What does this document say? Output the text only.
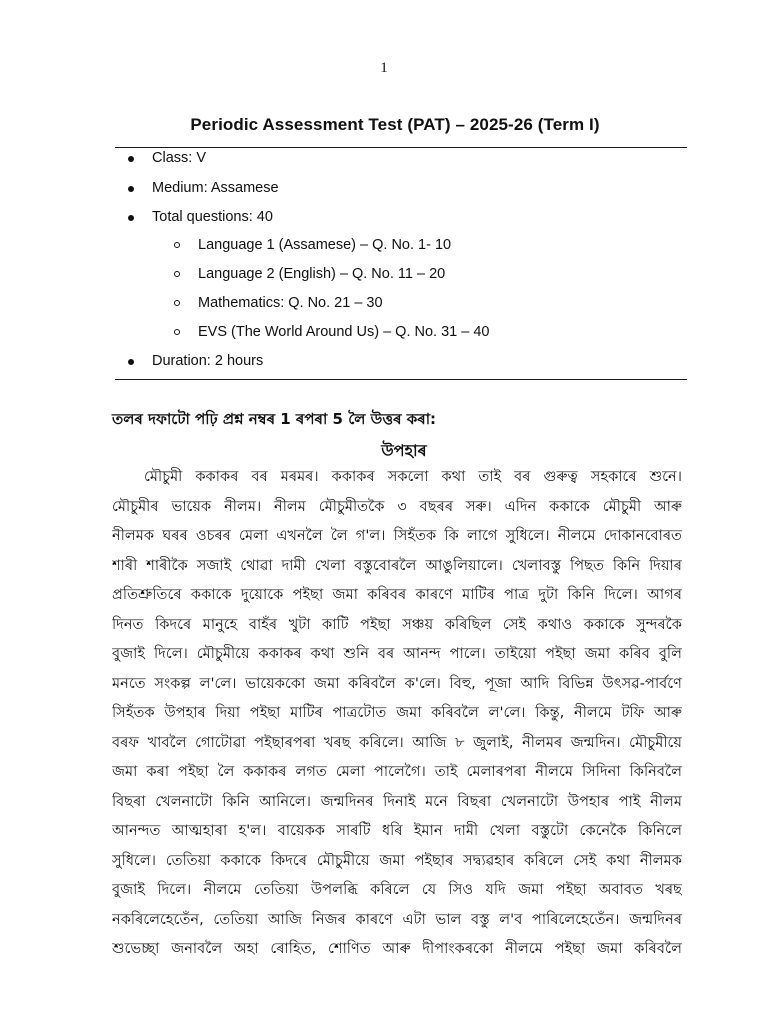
1
Periodic Assessment Test (PAT) – 2025-26 (Term I)
Class: V
Medium: Assamese
Total questions: 40
Language 1 (Assamese) – Q. No. 1- 10
Language 2 (English) – Q. No. 11 – 20
Mathematics: Q. No. 21 – 30
EVS (The World Around Us) – Q. No. 31 – 40
Duration: 2 hours
তলৰ দফাটো পঢ়ি প্ৰশ্ন নম্বৰ 1 ৰপৰা 5 লৈ উত্তৰ কৰা:
উপহাৰ
মৌচুমী ককাকৰ বৰ মৰমৰ। ককাকৰ সকলো কথা তাই বৰ গুৰুত্ব সহকাৰে শুনে।
মৌচুমীৰ ভায়েক নীলম। নীলম মৌচুমীতকৈ ৩ বছৰৰ সৰু। এদিন ককাকে মৌচুমী আৰু
নীলমক ঘৰৰ ওচৰৰ মেলা এখনলৈ লৈ গ'ল। সিহঁতক কি লাগে সুধিলে। নীলমে দোকানবোৰত
শাৰী শাৰীকৈ সজাই থোৱা দামী খেলা বস্তুবোৰলৈ আঙুলিয়ালে। খেলাবস্তু পিছত কিনি দিয়াৰ
প্ৰতিশ্ৰুতিৰে ককাকে দুয়োকে পইছা জমা কৰিবৰ কাৰণে মাটিৰ পাত্ৰ দুটা কিনি দিলে। আগৰ
দিনত কিদৰে মানুহে বাহঁৰ খুটা কাটি পইছা সঞ্চয় কৰিছিল সেই কথাও ককাকে সুন্দৰকৈ
বুজাই দিলে। মৌচুমীয়ে ককাকৰ কথা শুনি বৰ আনন্দ পালে। তাইয়ো পইছা জমা কৰিব বুলি
মনতে সংকল্প ল'লে। ভায়েককো জমা কৰিবলৈ ক'লে। বিহু, পূজা আদি বিভিন্ন উৎসৱ-পাৰ্বণে
সিহঁতক উপহাৰ দিয়া পইছা মাটিৰ পাত্ৰটোত জমা কৰিবলৈ ল'লে। কিন্তু, নীলমে টফি আৰু
বৰফ খাবলৈ গোটোৱা পইছাৰপৰা খৰছ কৰিলে। আজি ৮ জুলাই, নীলমৰ জন্মদিন। মৌচুমীয়ে
জমা কৰা পইছা লৈ ককাকৰ লগত মেলা পালেগৈ। তাই মেলাৰপৰা নীলমে সিদিনা কিনিবলৈ
বিছৰা খেলনাটো কিনি আনিলে। জন্মদিনৰ দিনাই মনে বিছৰা খেলনাটো উপহাৰ পাই নীলম
আনন্দত আত্মহাৰা হ'ল। বায়েকক সাৰটি ধৰি ইমান দামী খেলা বস্তুটো কেনেকৈ কিনিলে
সুধিলে। তেতিয়া ককাকে কিদৰে মৌচুমীয়ে জমা পইছাৰ সদ্ব্যৱহাৰ কৰিলে সেই কথা নীলমক
বুজাই দিলে। নীলমে তেতিয়া উপলব্ধি কৰিলে যে সিও যদি জমা পইছা অবাবত খৰছ
নকৰিলেহেতেঁন, তেতিয়া আজি নিজৰ কাৰণে এটা ভাল বস্তু ল'ব পাৰিলেহেতেঁন। জন্মদিনৰ
শুভেচ্ছা জনাবলৈ অহা ৰোহিত, শোণিত আৰু দীপাংকৰকো নীলমে পইছা জমা কৰিবলৈ
